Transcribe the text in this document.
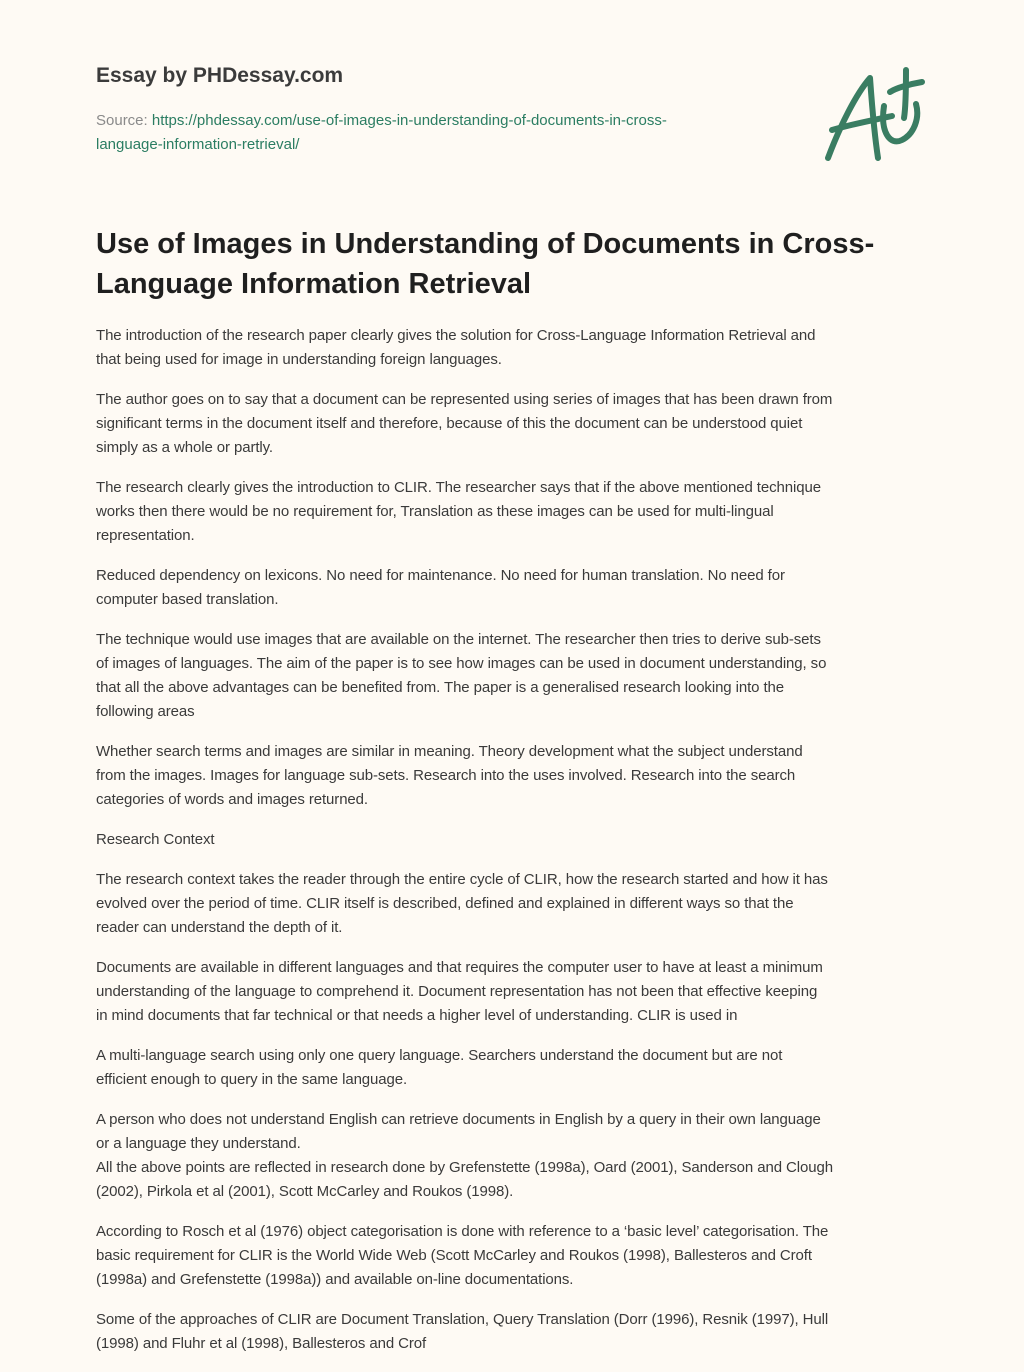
Essay by PHDessay.com
Source: https://phdessay.com/use-of-images-in-understanding-of-documents-in-cross-
language-information-retrieval/
Use of Images in Understanding of Documents in Cross-
Language Information Retrieval

The introduction of the research paper clearly gives the solution for Cross-Language Information Retrieval and
that being used for image in understanding foreign languages.

The author goes on to say that a document can be represented using series of images that has been drawn from
significant terms in the document itself and therefore, because of this the document can be understood quiet
simply as a whole or partly.

The research clearly gives the introduction to CLIR. The researcher says that if the above mentioned technique
works then there would be no requirement for, Translation as these images can be used for multi-lingual
representation.

Reduced dependency on lexicons. No need for maintenance. No need for human translation. No need for
computer based translation.

The technique would use images that are available on the internet. The researcher then tries to derive sub-sets
of images of languages. The aim of the paper is to see how images can be used in document understanding, so
that all the above advantages can be benefited from. The paper is a generalised research looking into the
following areas

Whether search terms and images are similar in meaning. Theory development what the subject understand
from the images. Images for language sub-sets. Research into the uses involved. Research into the search
categories of words and images returned.

Research Context

The research context takes the reader through the entire cycle of CLIR, how the research started and how it has
evolved over the period of time. CLIR itself is described, defined and explained in different ways so that the
reader can understand the depth of it.

Documents are available in different languages and that requires the computer user to have at least a minimum
understanding of the language to comprehend it. Document representation has not been that effective keeping
in mind documents that far technical or that needs a higher level of understanding. CLIR is used in

A multi-language search using only one query language. Searchers understand the document but are not
efficient enough to query in the same language.

A person who does not understand English can retrieve documents in English by a query in their own language
or a language they understand.
All the above points are reflected in research done by Grefenstette (1998a), Oard (2001), Sanderson and Clough
(2002), Pirkola et al (2001), Scott McCarley and Roukos (1998).

According to Rosch et al (1976) object categorisation is done with reference to a ‘basic level’ categorisation. The
basic requirement for CLIR is the World Wide Web (Scott McCarley and Roukos (1998), Ballesteros and Croft
(1998a) and Grefenstette (1998a)) and available on-line documentations.

Some of the approaches of CLIR are Document Translation, Query Translation (Dorr (1996), Resnik (1997), Hull
(1998) and Fluhr et al (1998), Ballesteros and Crof
